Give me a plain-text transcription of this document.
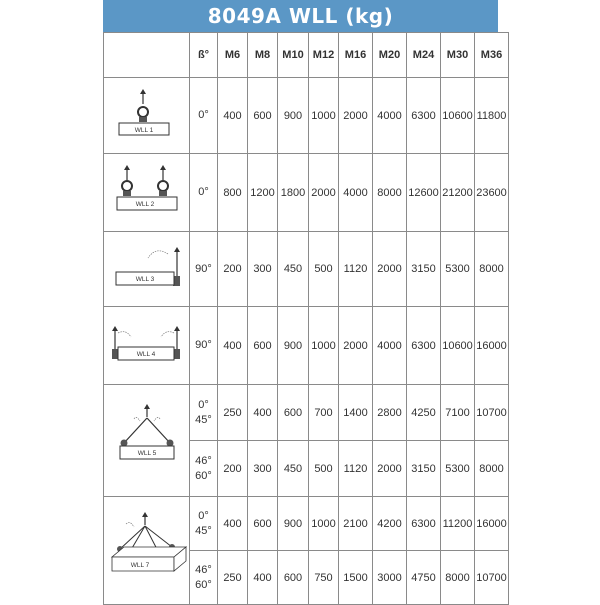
8049A WLL (kg)
	ß°	M6	M8	M10	M12	M16	M20	M24	M30	M36

WLL 1	0°	400	600	900	1000	2000	4000	6300	10600	11800

WLL 2	0°	800	1200	1800	2000	4000	8000	12600	21200	23600

WLL 3	90°	200	300	450	500	1120	2000	3150	5300	8000

WLL 4	90°	400	600	900	1000	2000	4000	6300	10600	16000

WLL 5	0°
45°	250	400	600	700	1400	2800	4250	7100	10700

	46°
60°	200	300	450	500	1120	2000	3150	5300	8000

WLL 7	0°
45°	400	600	900	1000	2100	4200	6300	11200	16000

	46°
60°	250	400	600	750	1500	3000	4750	8000	10700
